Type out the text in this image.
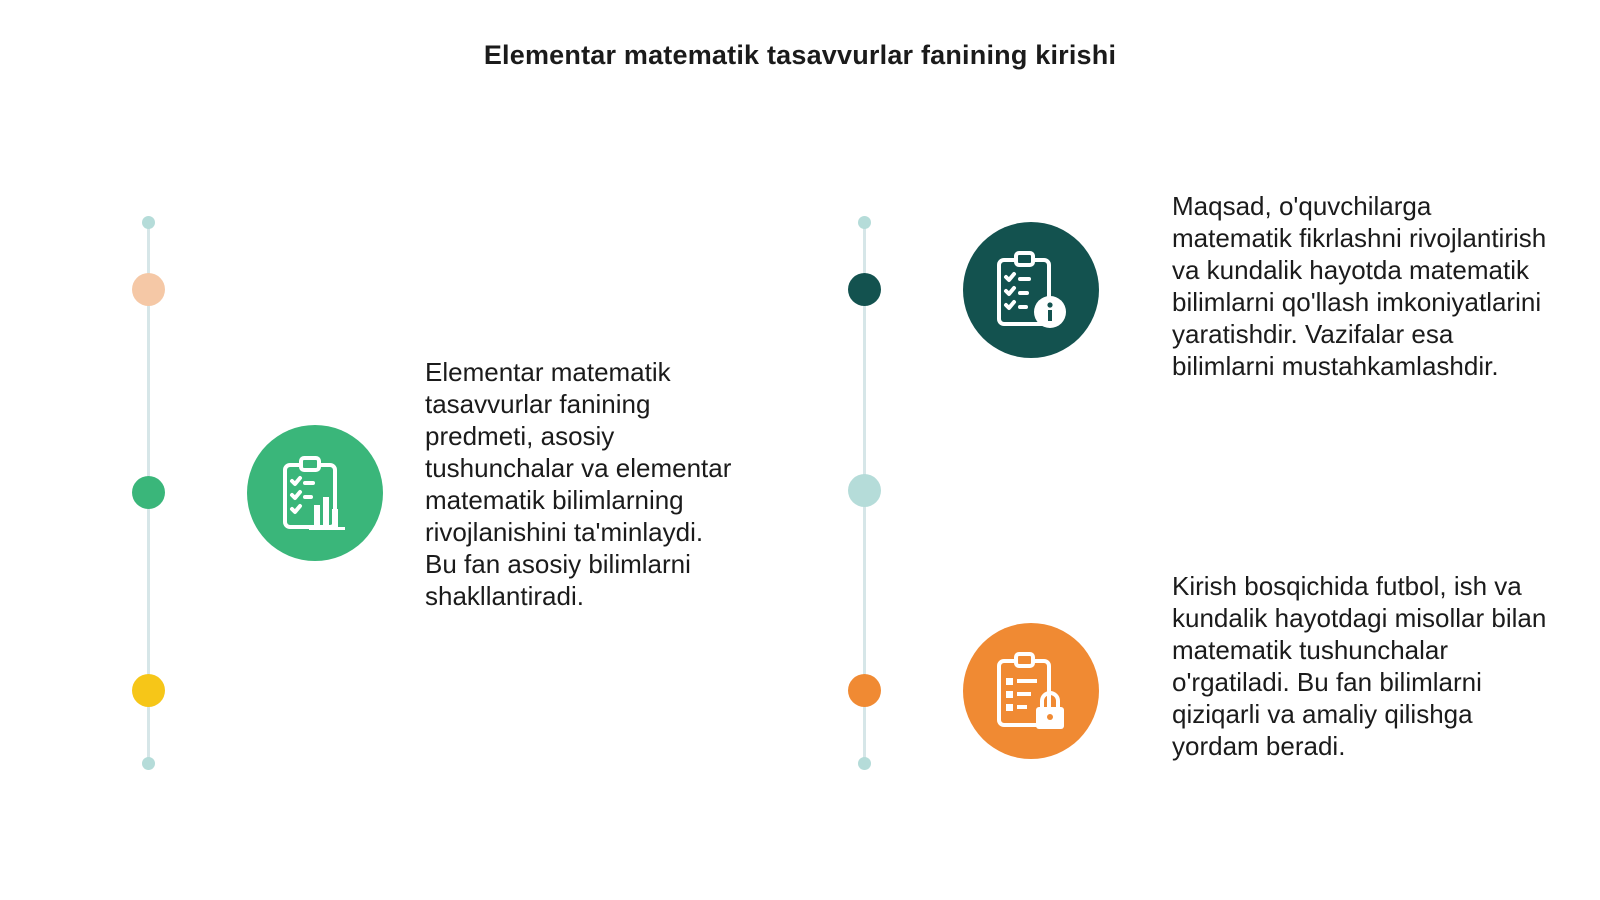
Elementar matematik tasavvurlar fanining kirishi

Elementar matematik tasavvurlar fanining predmeti, asosiy tushunchalar va elementar matematik bilimlarning rivojlanishini ta'minlaydi. Bu fan asosiy bilimlarni shakllantiradi.

Maqsad, o'quvchilarga matematik fikrlashni rivojlantirish va kundalik hayotda matematik bilimlarni qo'llash imkoniyatlarini yaratishdir. Vazifalar esa bilimlarni mustahkamlashdir.

Kirish bosqichida futbol, ish va kundalik hayotdagi misollar bilan matematik tushunchalar o'rgatiladi. Bu fan bilimlarni qiziqarli va amaliy qilishga yordam beradi.
